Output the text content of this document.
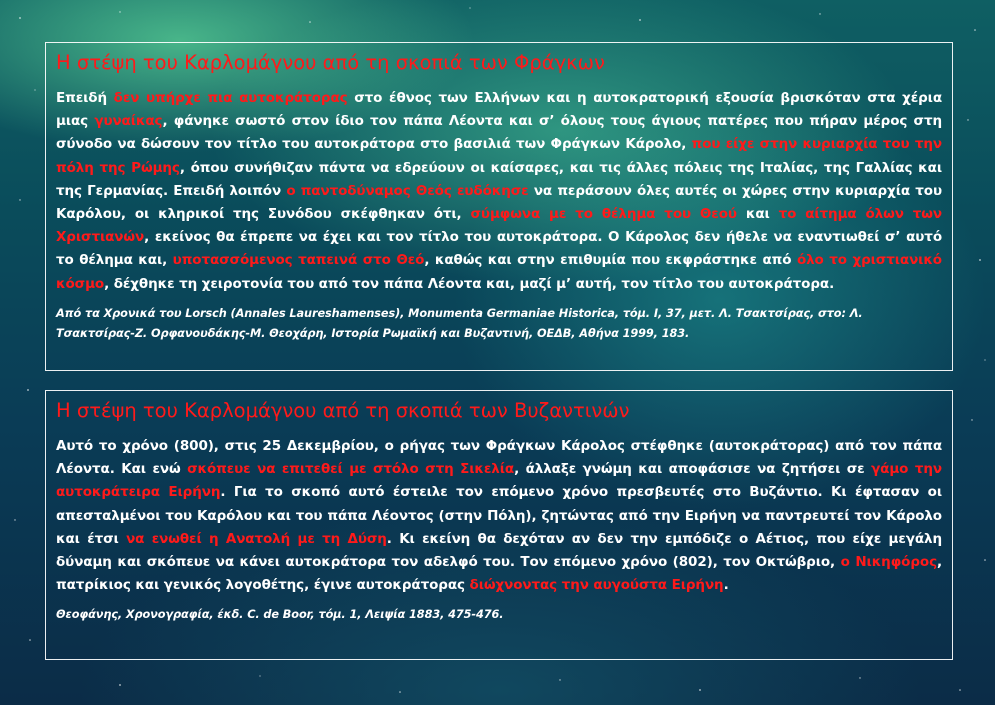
Η στέψη του Καρλομάγνου από τη σκοπιά των Φράγκων

Επειδή δεν υπήρχε πια αυτοκράτορας στο έθνος των Ελλήνων και η αυτοκρατορική εξουσία βρισκόταν στα χέρια μιας γυναίκας, φάνηκε σωστό στον ίδιο τον πάπα Λέοντα και σ’ όλους τους άγιους πατέρες που πήραν μέρος στη σύνοδο να δώσουν τον τίτλο του αυτοκράτορα στο βασιλιά των Φράγκων Κάρολο, που είχε στην κυριαρχία του την πόλη της Ρώμης, όπου συνήθιζαν πάντα να εδρεύουν οι καίσαρες, και τις άλλες πόλεις της Ιταλίας, της Γαλλίας και της Γερμανίας. Επειδή λοιπόν ο παντοδύναμος Θεός ευδόκησε να περάσουν όλες αυτές οι χώρες στην κυριαρχία του Καρόλου, οι κληρικοί της Συνόδου σκέφθηκαν ότι, σύμφωνα με το θέλημα του Θεού και το αίτημα όλων των Χριστιανών, εκείνος θα έπρεπε να έχει και τον τίτλο του αυτοκράτορα. Ο Κάρολος δεν ήθελε να εναντιωθεί σ’ αυτό το θέλημα και, υποτασσόμενος ταπεινά στο Θεό, καθώς και στην επιθυμία που εκφράστηκε από όλο το χριστιανικό κόσμο, δέχθηκε τη χειροτονία του από τον πάπα Λέοντα και, μαζί μ’ αυτή, τον τίτλο του αυτοκράτορα.

Από τα Χρονικά του Lorsch (Annales Laureshamenses), Monumenta Germaniae Historica, τόμ. Ι, 37, μετ. Λ. Τσακτσίρας, στο: Λ. Τσακτσίρας-Ζ. Ορφανουδάκης-Μ. Θεοχάρη, Ιστορία Ρωμαϊκή και Βυζαντινή, ΟΕΔΒ, Αθήνα 1999, 183.

Η στέψη του Καρλομάγνου από τη σκοπιά των Βυζαντινών

Αυτό το χρόνο (800), στις 25 Δεκεμβρίου, ο ρήγας των Φράγκων Κάρολος στέφθηκε (αυτοκράτορας) από τον πάπα Λέοντα. Και ενώ σκόπευε να επιτεθεί με στόλο στη Σικελία, άλλαξε γνώμη και αποφάσισε να ζητήσει σε γάμο την αυτοκράτειρα Ειρήνη. Για το σκοπό αυτό έστειλε τον επόμενο χρόνο πρεσβευτές στο Βυζάντιο. Κι έφτασαν οι απεσταλμένοι του Καρόλου και του πάπα Λέοντος (στην Πόλη), ζητώντας από την Ειρήνη να παντρευτεί τον Κάρολο και έτσι να ενωθεί η Ανατολή με τη Δύση. Κι εκείνη θα δεχόταν αν δεν την εμπόδιζε ο Αέτιος, που είχε μεγάλη δύναμη και σκόπευε να κάνει αυτοκράτορα τον αδελφό του. Τον επόμενο χρόνο (802), τον Οκτώβριο, ο Νικηφόρος, πατρίκιος και γενικός λογοθέτης, έγινε αυτοκράτορας διώχνοντας την αυγούστα Ειρήνη.

Θεοφάνης, Χρονογραφία, έκδ. C. de Boor, τόμ. 1, Λειψία 1883, 475-476.
